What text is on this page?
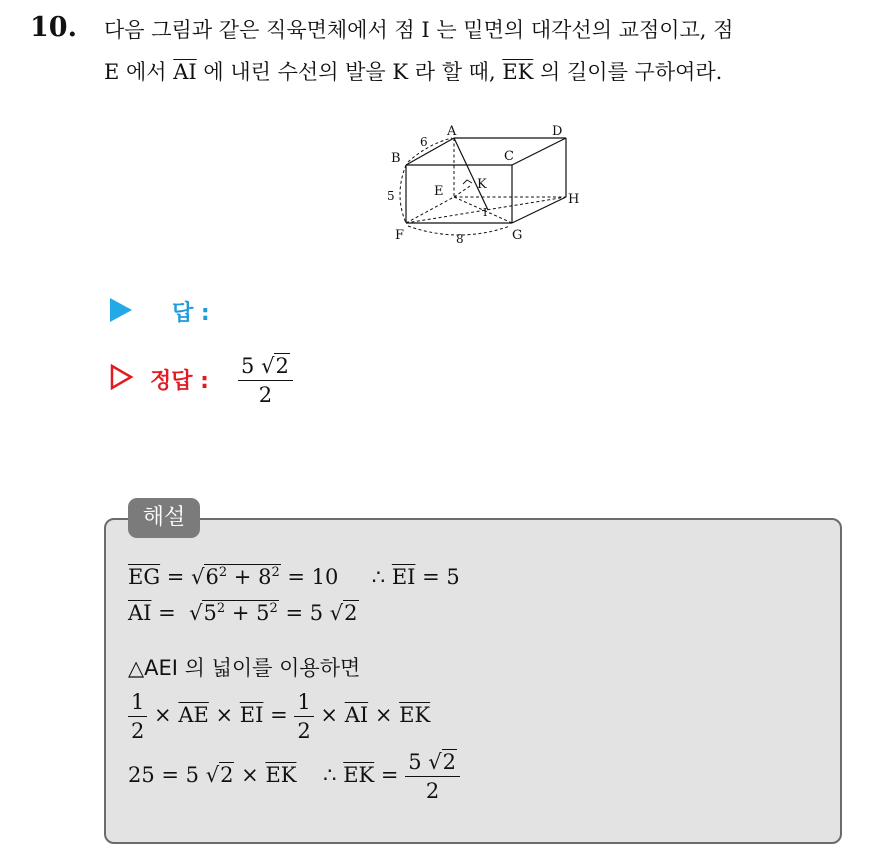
10. 다음 그림과 같은 직육면체에서 점 I 는 밑면의 대각선의 교점이고, 점
E 에서 $\overline{AI}$ 에 내린 수선의 발을 K 라 할 때, $\overline{EK}$ 의 길이를 구하여라.
A	D
B	C
E	K
I
H
F	G
6
5
8
답 :
정답 : $\frac{5 √2}{2}$
해설
$\overline{EG} = √6^2 + 8^2 = 10$ ∴ $\overline{EI} = 5$
$\overline{AI} = √5^2 + 5^2 = 5$ √2
△AEI 의 넓이를 이용하면
$\frac{1}{2} \times \overline{AE} \times \overline{EI} = \frac{1}{2} \times \overline{AI} \times \overline{EK}$
25 = 5 $√2 \times \overline{EK}$    ∴ $\overline{EK} = \frac{5 √2}{2}$
